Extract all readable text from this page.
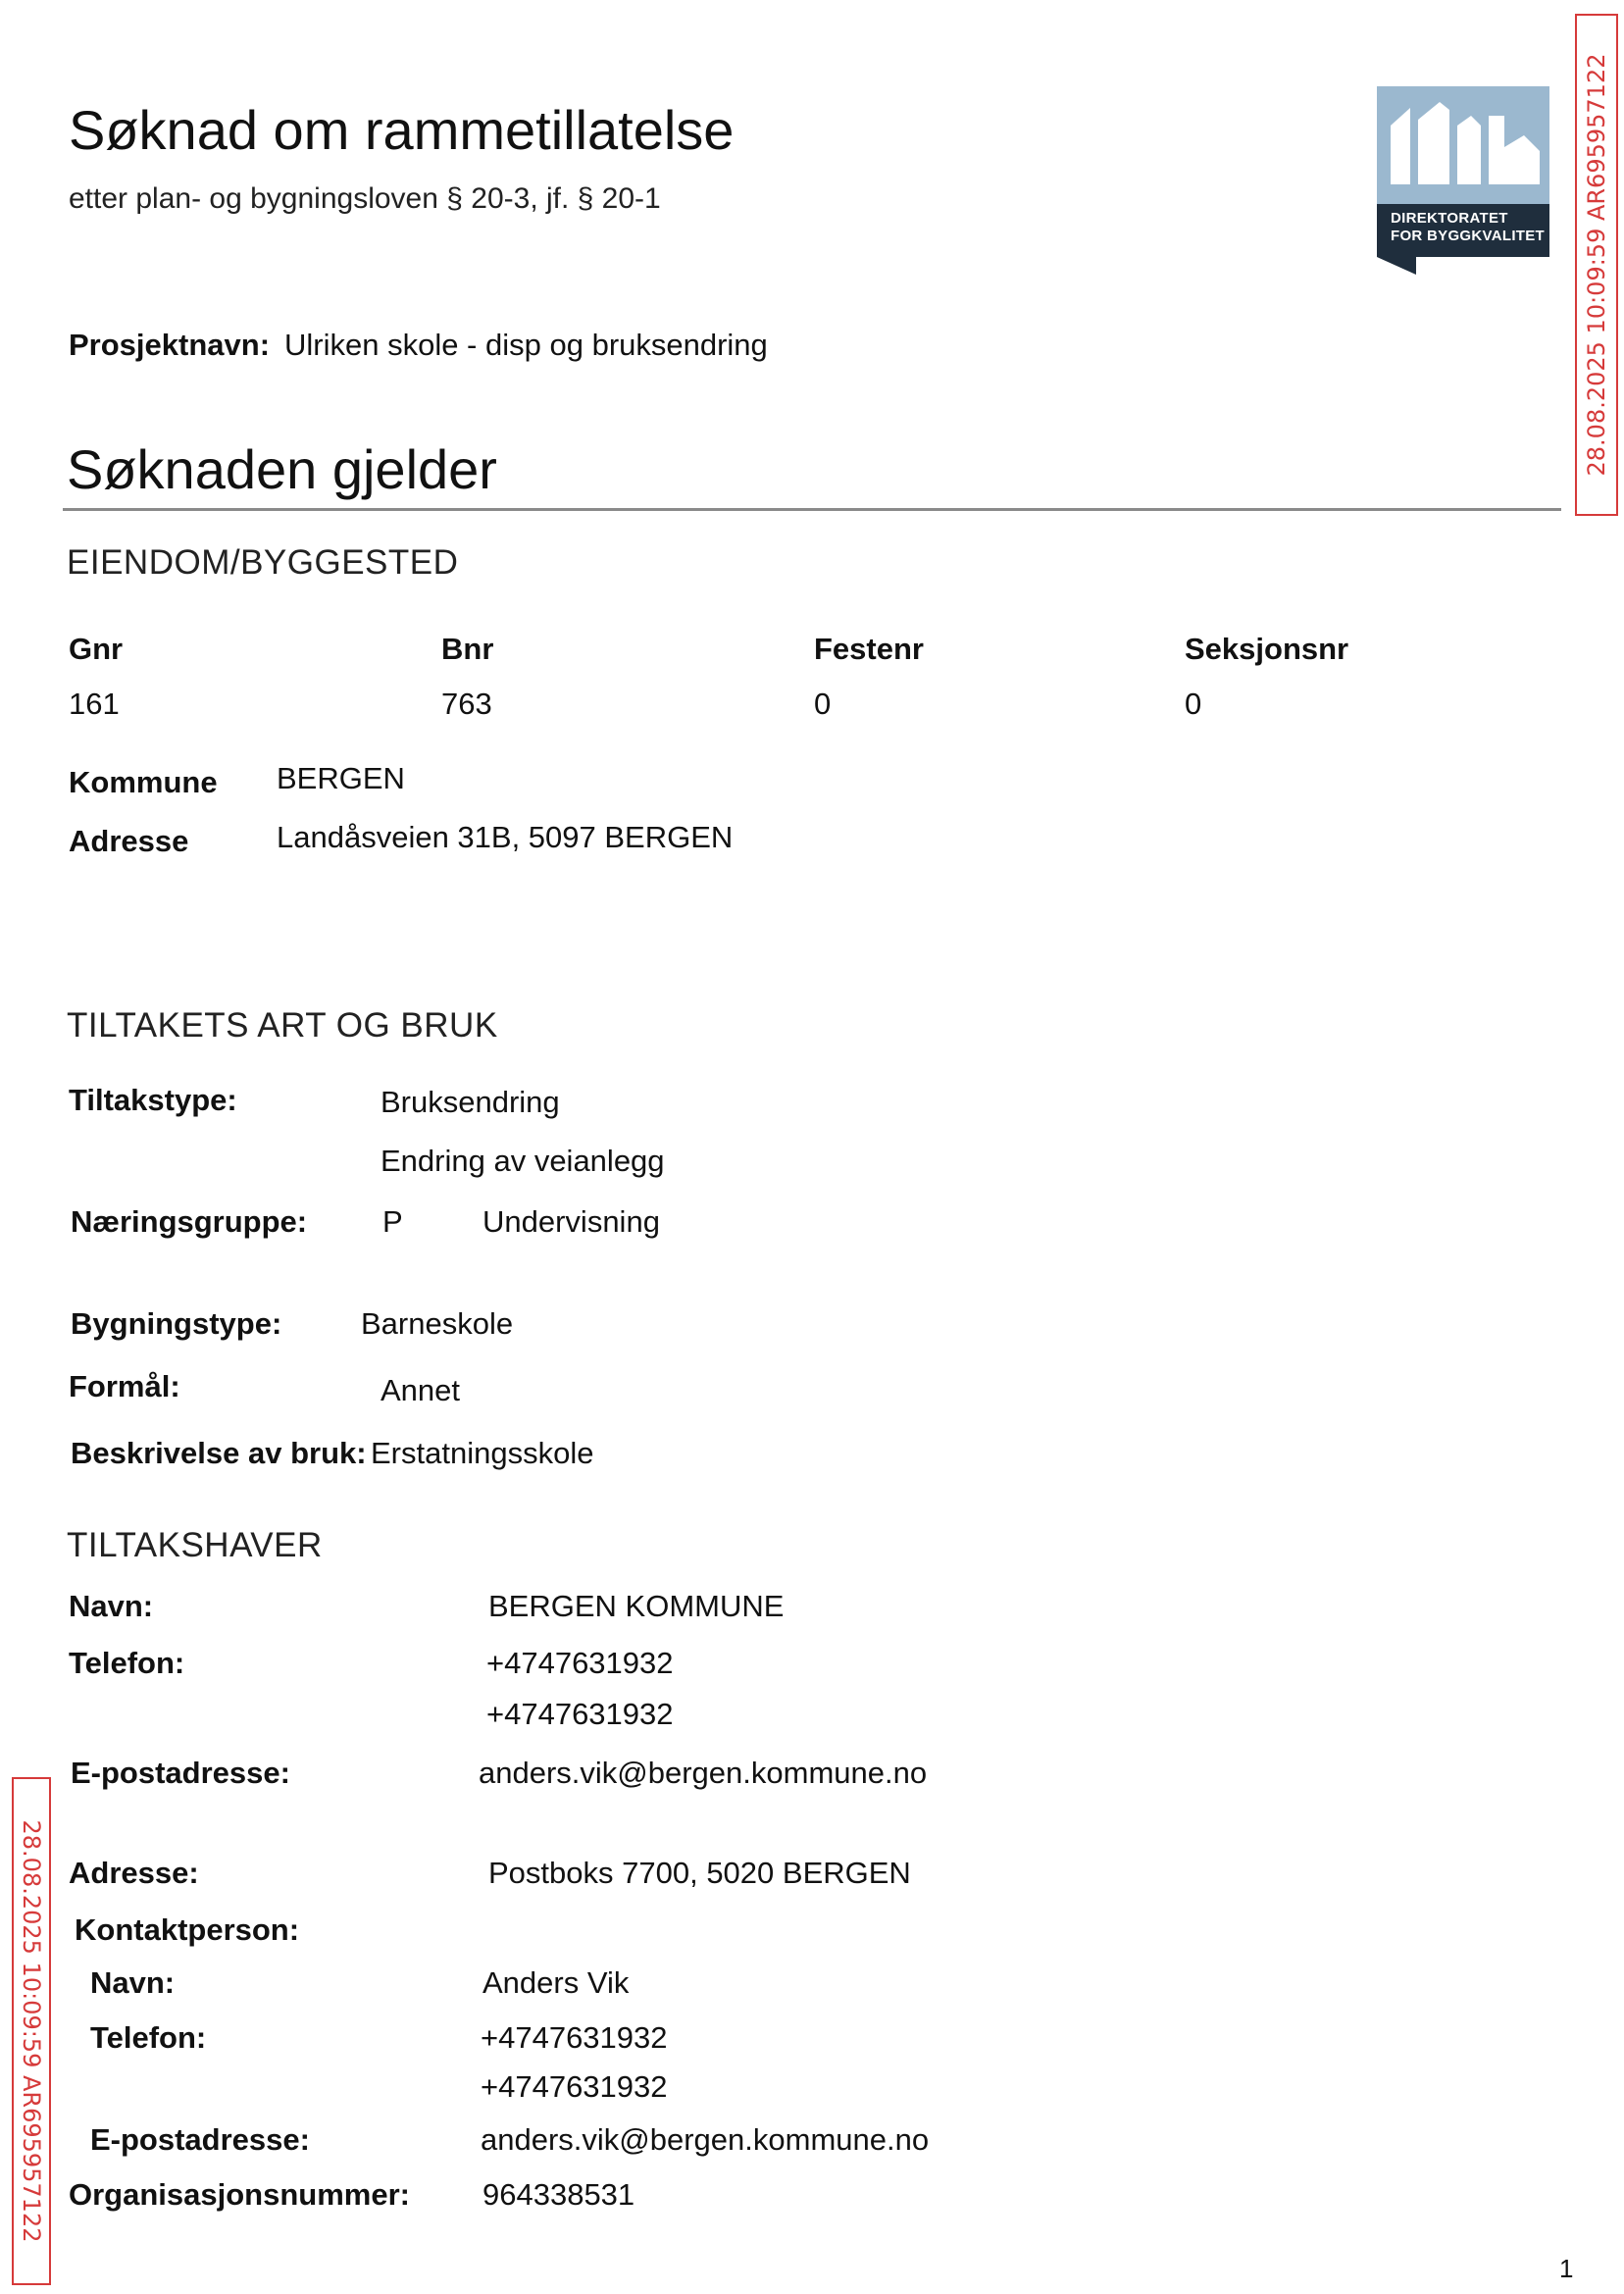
Søknad om rammetillatelse
etter plan- og bygningsloven § 20-3, jf. § 20-1
DIREKTORATET
FOR BYGGKVALITET 28.08.2025 10:09:59 AR695957122
28.08.2025 10:09:59 AR695957122
Prosjektnavn: Ulriken skole - disp og bruksendring
Søknaden gjelder
EIENDOM/BYGGESTED
Gnr	Bnr	Festenr	Seksjonsnr
161	763	0	0
Kommune BERGEN
Adresse	Landåsveien 31B, 5097 BERGEN
TILTAKETS ART OG BRUK
Tiltakstype:	Bruksendring
Endring av veianlegg
Næringsgruppe: P	Undervisning
Bygningstype:	Barneskole
Formål:	Annet
Beskrivelse av bruk: Erstatningsskole
TILTAKSHAVER
Navn:	BERGEN KOMMUNE
Telefon:	+4747631932
+4747631932
E-postadresse:	anders.vik@bergen.kommune.no
Adresse:	Postboks 7700, 5020 BERGEN
Kontaktperson:
Navn:	Anders Vik
Telefon:	+4747631932
+4747631932
E-postadresse:	anders.vik@bergen.kommune.no
Organisasjonsnummer: 964338531
1
